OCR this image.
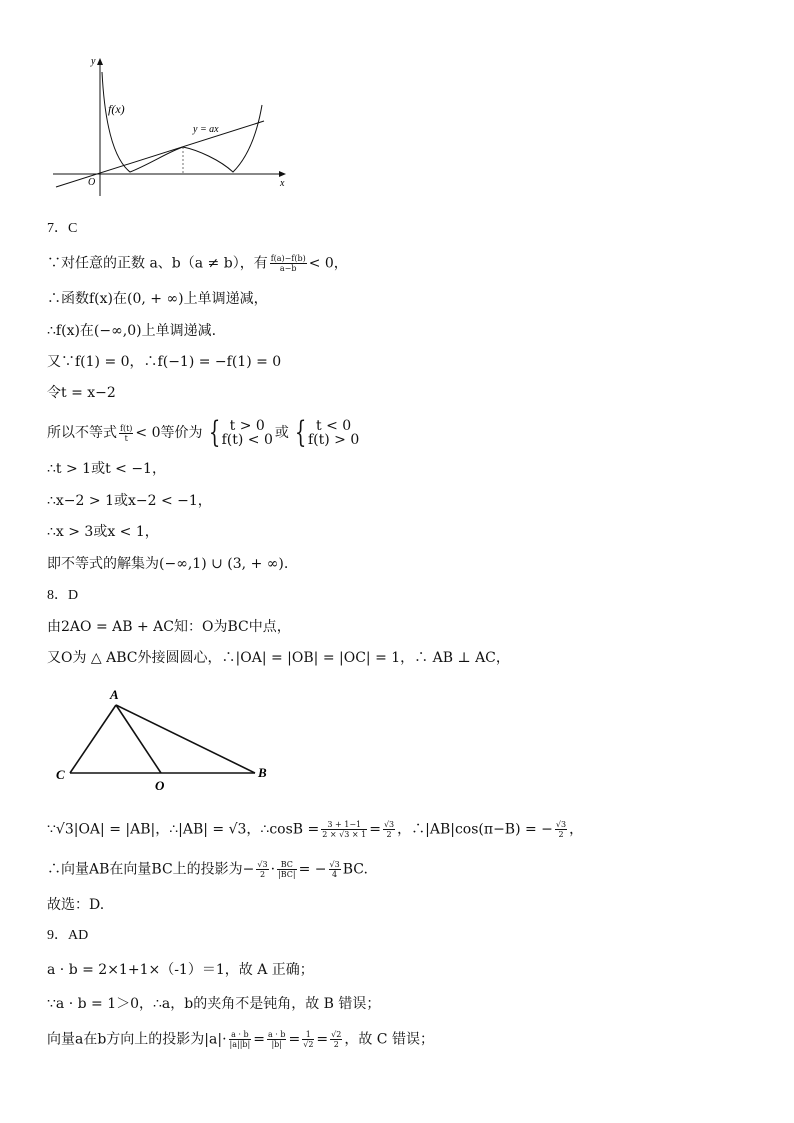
y
x
O
f(x)
y = ax
7．C
∵对任意的正数 a、b（a ≠ b），有 $\frac{f(a)-f(b)}{a-b} < 0$，
∴函数f(x)在(0, + ∞)上单调递减，
∴f(x)在(−∞,0)上单调递减.
又∵f(1) = 0，∴f(−1) = −f(1) = 0
令t = x−2
所以不等式 $\frac{f(t)}{t} < 0$等价为 { t > 0
f(t) < 0 或 { t < 0
f(t) > 0
∴t > 1或t < −1，
∴x−2 > 1或x−2 < −1，
∴x > 3或x < 1，
即不等式的解集为(−∞,1) ∪ (3, + ∞).
8．D
由2AO = AB + AC知：O为BC中点，
又O为 △ ABC外接圆圆心，∴|OA| = |OB| = |OC| = 1，∴ AB ⊥ AC，
A
C	B
O
∵√3|OA| = |AB|，∴|AB| = √3，∴cosB = $\frac{3 + 1-1}{2 \times √3 \times 1} = \frac{√3}{2}$ ，∴|AB|cos(π−B) = − $\frac{√3}{2}$ ，
∴向量AB在向量BC上的投影为− $\frac{√3}{2} \cdot \frac{BC}{|BC|}$ = − $\frac{√3}{4}$ BC.
故选：D.
9．AD
a · b = 2×1+1×（-1）＝1，故 A 正确；
∵a · b = 1＞0，∴a，b的夹角不是钝角，故 B 错误；
向量a在b方向上的投影为$|a|\cdot \frac{a \cdot b}{|a||b|} = \frac{a \cdot b}{|b|} = \frac{1}{√2} = \frac{√2}{2}$ ，故 C 错误；
